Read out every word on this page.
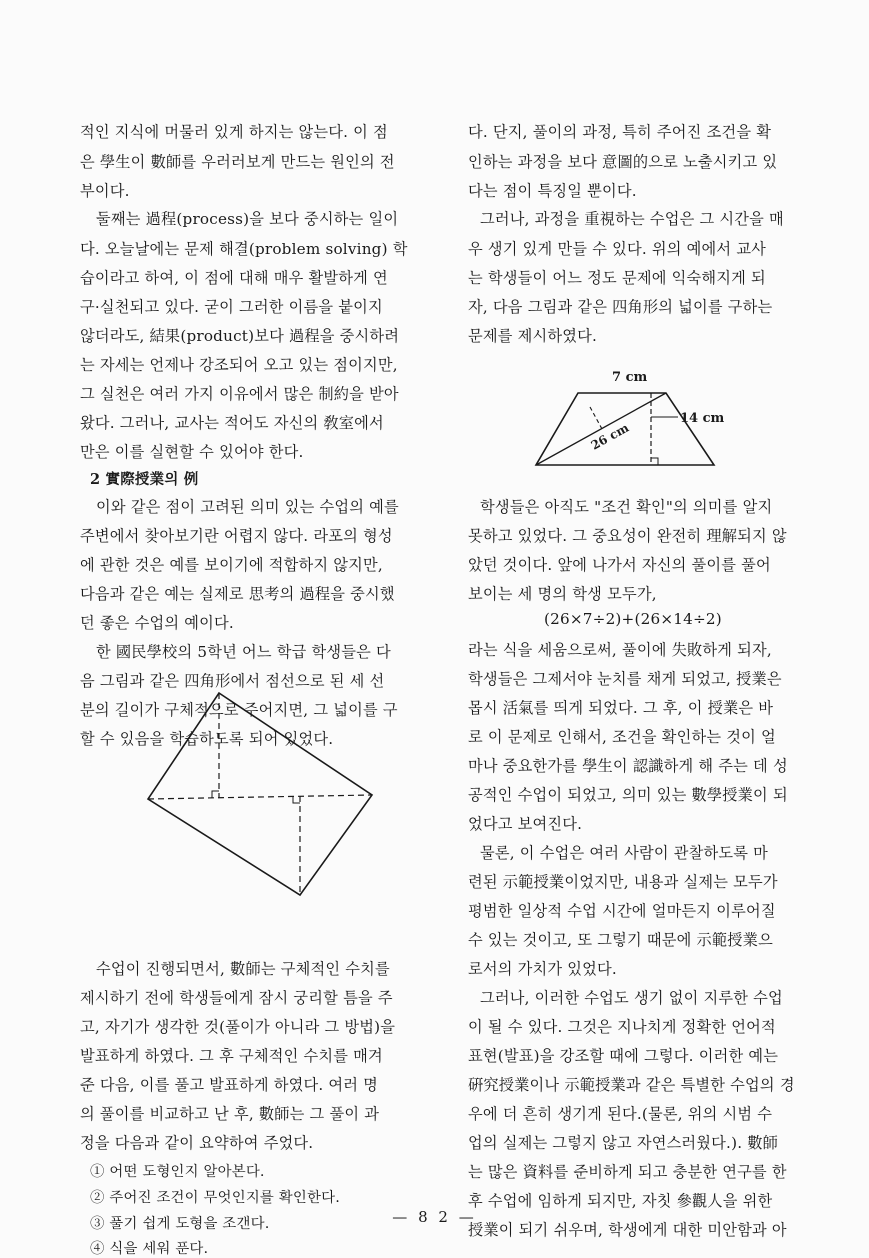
적인 지식에 머물러 있게 하지는 않는다. 이 점
은 學生이 數師를 우러러보게 만드는 원인의 전
부이다.
둘째는 過程(process)을 보다 중시하는 일이
다. 오늘날에는 문제 해결(problem solving) 학
습이라고 하여, 이 점에 대해 매우 활발하게 연
구·실천되고 있다. 굳이 그러한 이름을 붙이지
않더라도, 結果(product)보다 過程을 중시하려
는 자세는 언제나 강조되어 오고 있는 점이지만,
그 실천은 여러 가지 이유에서 많은 制約을 받아
왔다. 그러나, 교사는 적어도 자신의 敎室에서
만은 이를 실현할 수 있어야 한다.
2 實際授業의 例
이와 같은 점이 고려된 의미 있는 수업의 예를
주변에서 찾아보기란 어렵지 않다. 라포의 형성
에 관한 것은 예를 보이기에 적합하지 않지만,
다음과 같은 예는 실제로 思考의 過程을 중시했
던 좋은 수업의 예이다.
한 國民學校의 5학년 어느 학급 학생들은 다
음 그림과 같은 四角形에서 점선으로 된 세 선
분의 길이가 구체적으로 주어지면, 그 넓이를 구
할 수 있음을 학습하도록 되어 있었다.
수업이 진행되면서, 數師는 구체적인 수치를
제시하기 전에 학생들에게 잠시 궁리할 틈을 주
고, 자기가 생각한 것(풀이가 아니라 그 방법)을
발표하게 하였다. 그 후 구체적인 수치를 매겨
준 다음, 이를 풀고 발표하게 하였다. 여러 명
의 풀이를 비교하고 난 후, 數師는 그 풀이 과
정을 다음과 같이 요약하여 주었다.
① 어떤 도형인지 알아본다.
② 주어진 조건이 무엇인지를 확인한다.
③ 풀기 쉽게 도형을 조갠다.
④ 식을 세워 푼다.
다. 단지, 풀이의 과정, 특히 주어진 조건을 확
인하는 과정을 보다 意圖的으로 노출시키고 있
다는 점이 특징일 뿐이다.
그러나, 과정을 重視하는 수업은 그 시간을 매
우 생기 있게 만들 수 있다. 위의 예에서 교사
는 학생들이 어느 정도 문제에 익숙해지게 되
자, 다음 그림과 같은 四角形의 넓이를 구하는
문제를 제시하였다.
학생들은 아직도 "조건 확인"의 의미를 알지
못하고 있었다. 그 중요성이 완전히 理解되지 않
았던 것이다. 앞에 나가서 자신의 풀이를 풀어
보이는 세 명의 학생 모두가,
(26×7÷2)+(26×14÷2)
라는 식을 세움으로써, 풀이에 失敗하게 되자,
학생들은 그제서야 눈치를 채게 되었고, 授業은
몹시 活氣를 띄게 되었다. 그 후, 이 授業은 바
로 이 문제로 인해서, 조건을 확인하는 것이 얼
마나 중요한가를 學生이 認識하게 해 주는 데 성
공적인 수업이 되었고, 의미 있는 數學授業이 되
었다고 보여진다.
물론, 이 수업은 여러 사람이 관찰하도록 마
련된 示範授業이었지만, 내용과 실제는 모두가
평범한 일상적 수업 시간에 얼마든지 이루어질
수 있는 것이고, 또 그렇기 때문에 示範授業으
로서의 가치가 있었다.
그러나, 이러한 수업도 생기 없이 지루한 수업
이 될 수 있다. 그것은 지나치게 정확한 언어적
표현(발표)을 강조할 때에 그렇다. 이러한 예는
硏究授業이나 示範授業과 같은 특별한 수업의 경
우에 더 흔히 생기게 된다.(물론, 위의 시범 수
업의 실제는 그렇지 않고 자연스러웠다.). 數師
는 많은 資料를 준비하게 되고 충분한 연구를 한
후 수업에 임하게 되지만, 자칫 參觀人을 위한
授業이 되기 쉬우며, 학생에게 대한 미안함과 아
7 cm
14 cm
26 cm
— 8 2 —
